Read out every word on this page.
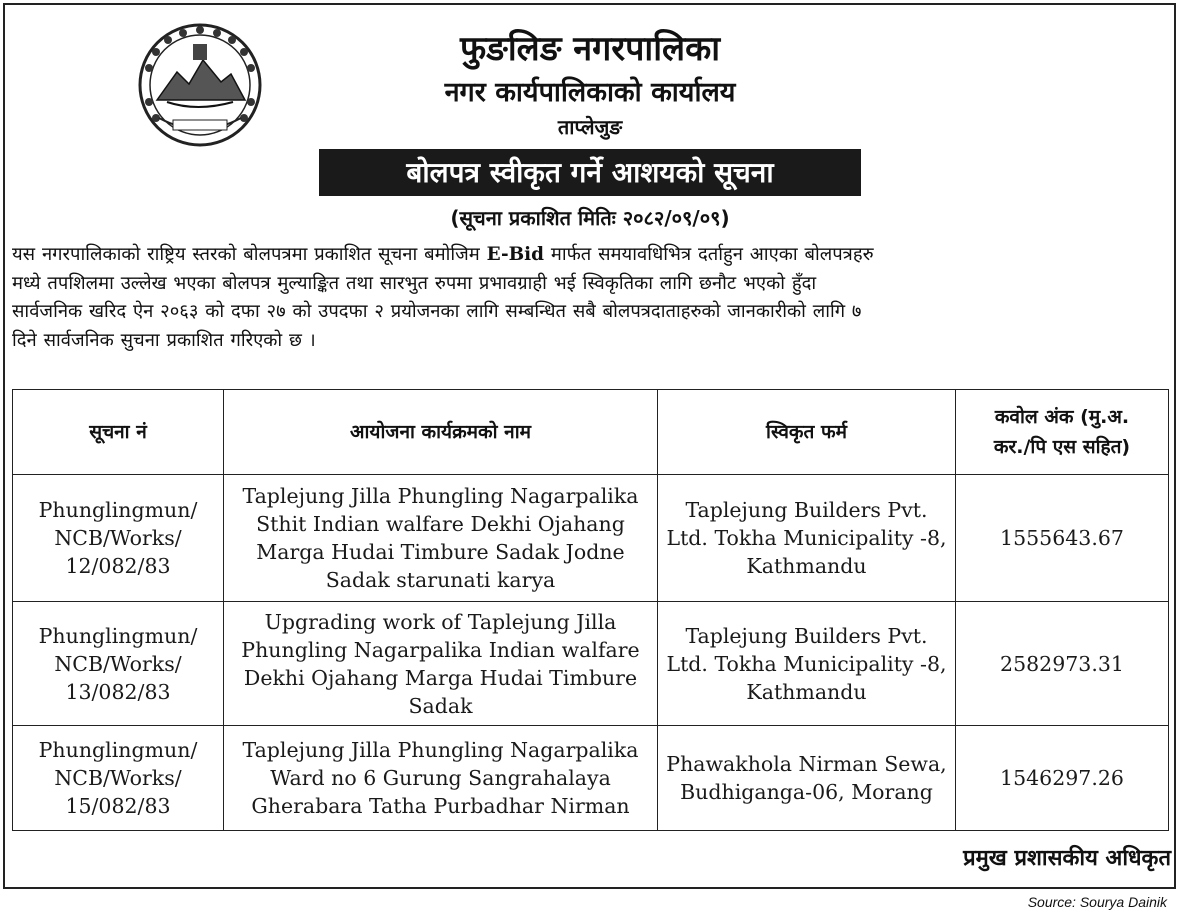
फुङलिङ नगरपालिका
नगर कार्यपालिकाको कार्यालय
ताप्लेजुङ
बोलपत्र स्वीकृत गर्ने आशयको सूचना
(सूचना प्रकाशित मितिः २०८२/०९/०९)
यस नगरपालिकाको राष्ट्रिय स्तरको बोलपत्रमा प्रकाशित सूचना बमोजिम E-Bid मार्फत समयावधिभित्र दर्ताहुन आएका बोलपत्रहरु
मध्ये तपशिलमा उल्लेख भएका बोलपत्र मुल्याङ्कित तथा सारभुत रुपमा प्रभावग्राही भई स्विकृतिका लागि छनौट भएको हुँदा
सार्वजनिक खरिद ऐन २०६३ को दफा २७ को उपदफा २ प्रयोजनका लागि सम्बन्धित सबै बोलपत्रदाताहरुको जानकारीको लागि ७
दिने सार्वजनिक सुचना प्रकाशित गरिएको छ ।
सूचना नं	आयोजना कार्यक्रमको नाम	स्विकृत फर्म	कवोल अंक (मु.अ.
कर./पि एस सहित)
Phunglingmun/
NCB/Works/
12/082/83	Taplejung Jilla Phungling Nagarpalika Sthit Indian walfare Dekhi Ojahang Marga Hudai Timbure Sadak Jodne Sadak starunati karya	Taplejung Builders Pvt. Ltd. Tokha Municipality -8, Kathmandu	1555643.67
Phunglingmun/
NCB/Works/
13/082/83	Upgrading work of Taplejung Jilla Phungling Nagarpalika Indian walfare Dekhi Ojahang Marga Hudai Timbure Sadak	Taplejung Builders Pvt. Ltd. Tokha Municipality -8, Kathmandu	2582973.31
Phunglingmun/
NCB/Works/
15/082/83	Taplejung Jilla Phungling Nagarpalika Ward no 6 Gurung Sangrahalaya Gherabara Tatha Purbadhar Nirman	Phawakhola Nirman Sewa, Budhiganga-06, Morang	1546297.26
प्रमुख प्रशासकीय अधिकृत
Source: Sourya Dainik
